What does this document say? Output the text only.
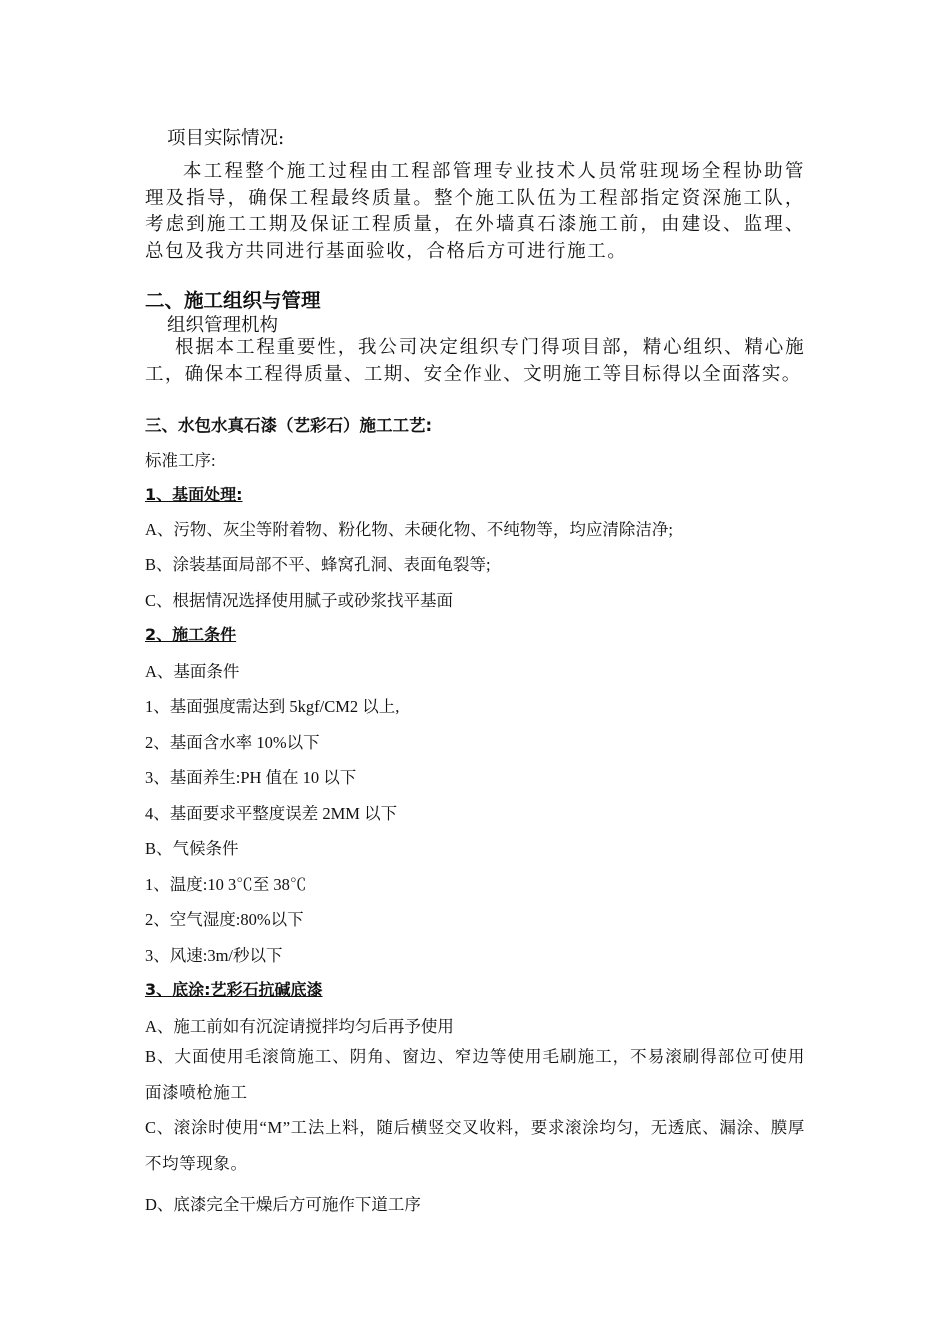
项目实际情况:
本工程整个施工过程由工程部管理专业技术人员常驻现场全程协助管理及指导，确保工程最终质量。整个施工队伍为工程部指定资深施工队，考虑到施工工期及保证工程质量，在外墙真石漆施工前，由建设、监理、总包及我方共同进行基面验收，合格后方可进行施工。
二、施工组织与管理
组织管理机构
根据本工程重要性，我公司决定组织专门得项目部，精心组织、精心施工，确保本工程得质量、工期、安全作业、文明施工等目标得以全面落实。
三、水包水真石漆（艺彩石）施工工艺:
标准工序:
1、基面处理:
A、污物、灰尘等附着物、粉化物、未硬化物、不纯物等，均应清除洁净;
B、涂装基面局部不平、蜂窝孔洞、表面龟裂等;
C、根据情况选择使用腻子或砂浆找平基面
2、施工条件
A、基面条件
1、基面强度需达到 5kgf/CM2 以上,
2、基面含水率 10%以下
3、基面养生:PH 值在 10 以下
4、基面要求平整度误差 2MM 以下
B、气候条件
1、温度:10 3℃至 38℃
2、空气湿度:80%以下
3、风速:3m/秒以下
3、底涂:艺彩石抗碱底漆
A、施工前如有沉淀请搅拌均匀后再予使用
B、大面使用毛滚筒施工、阴角、窗边、窄边等使用毛刷施工，不易滚刷得部位可使用面漆喷枪施工
C、滚涂时使用“M”工法上料，随后横竖交叉收料，要求滚涂均匀，无透底、漏涂、膜厚不均等现象。
D、底漆完全干燥后方可施作下道工序
